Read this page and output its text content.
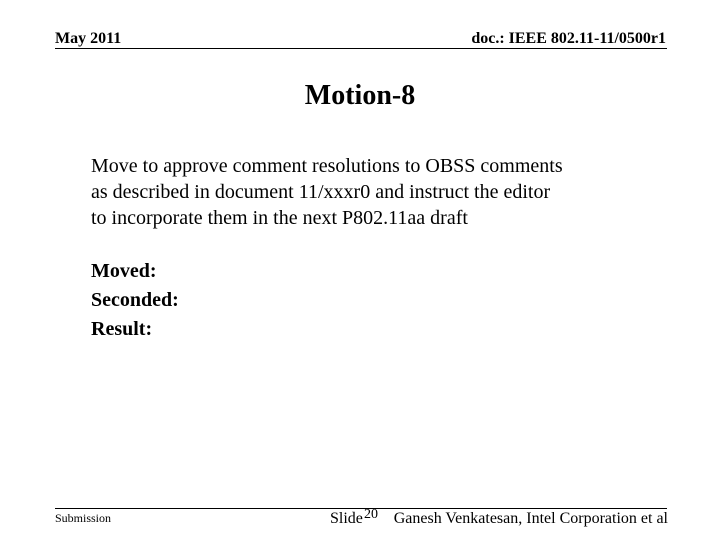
May 2011	doc.: IEEE 802.11-11/0500r1
Motion-8
Move to approve comment resolutions to OBSS comments
as described in document 11/xxxr0 and instruct the editor
to incorporate them in the next P802.11aa draft
Moved:
Seconded:
Result:
Submission	Slide 20 Ganesh Venkatesan, Intel Corporation et al
